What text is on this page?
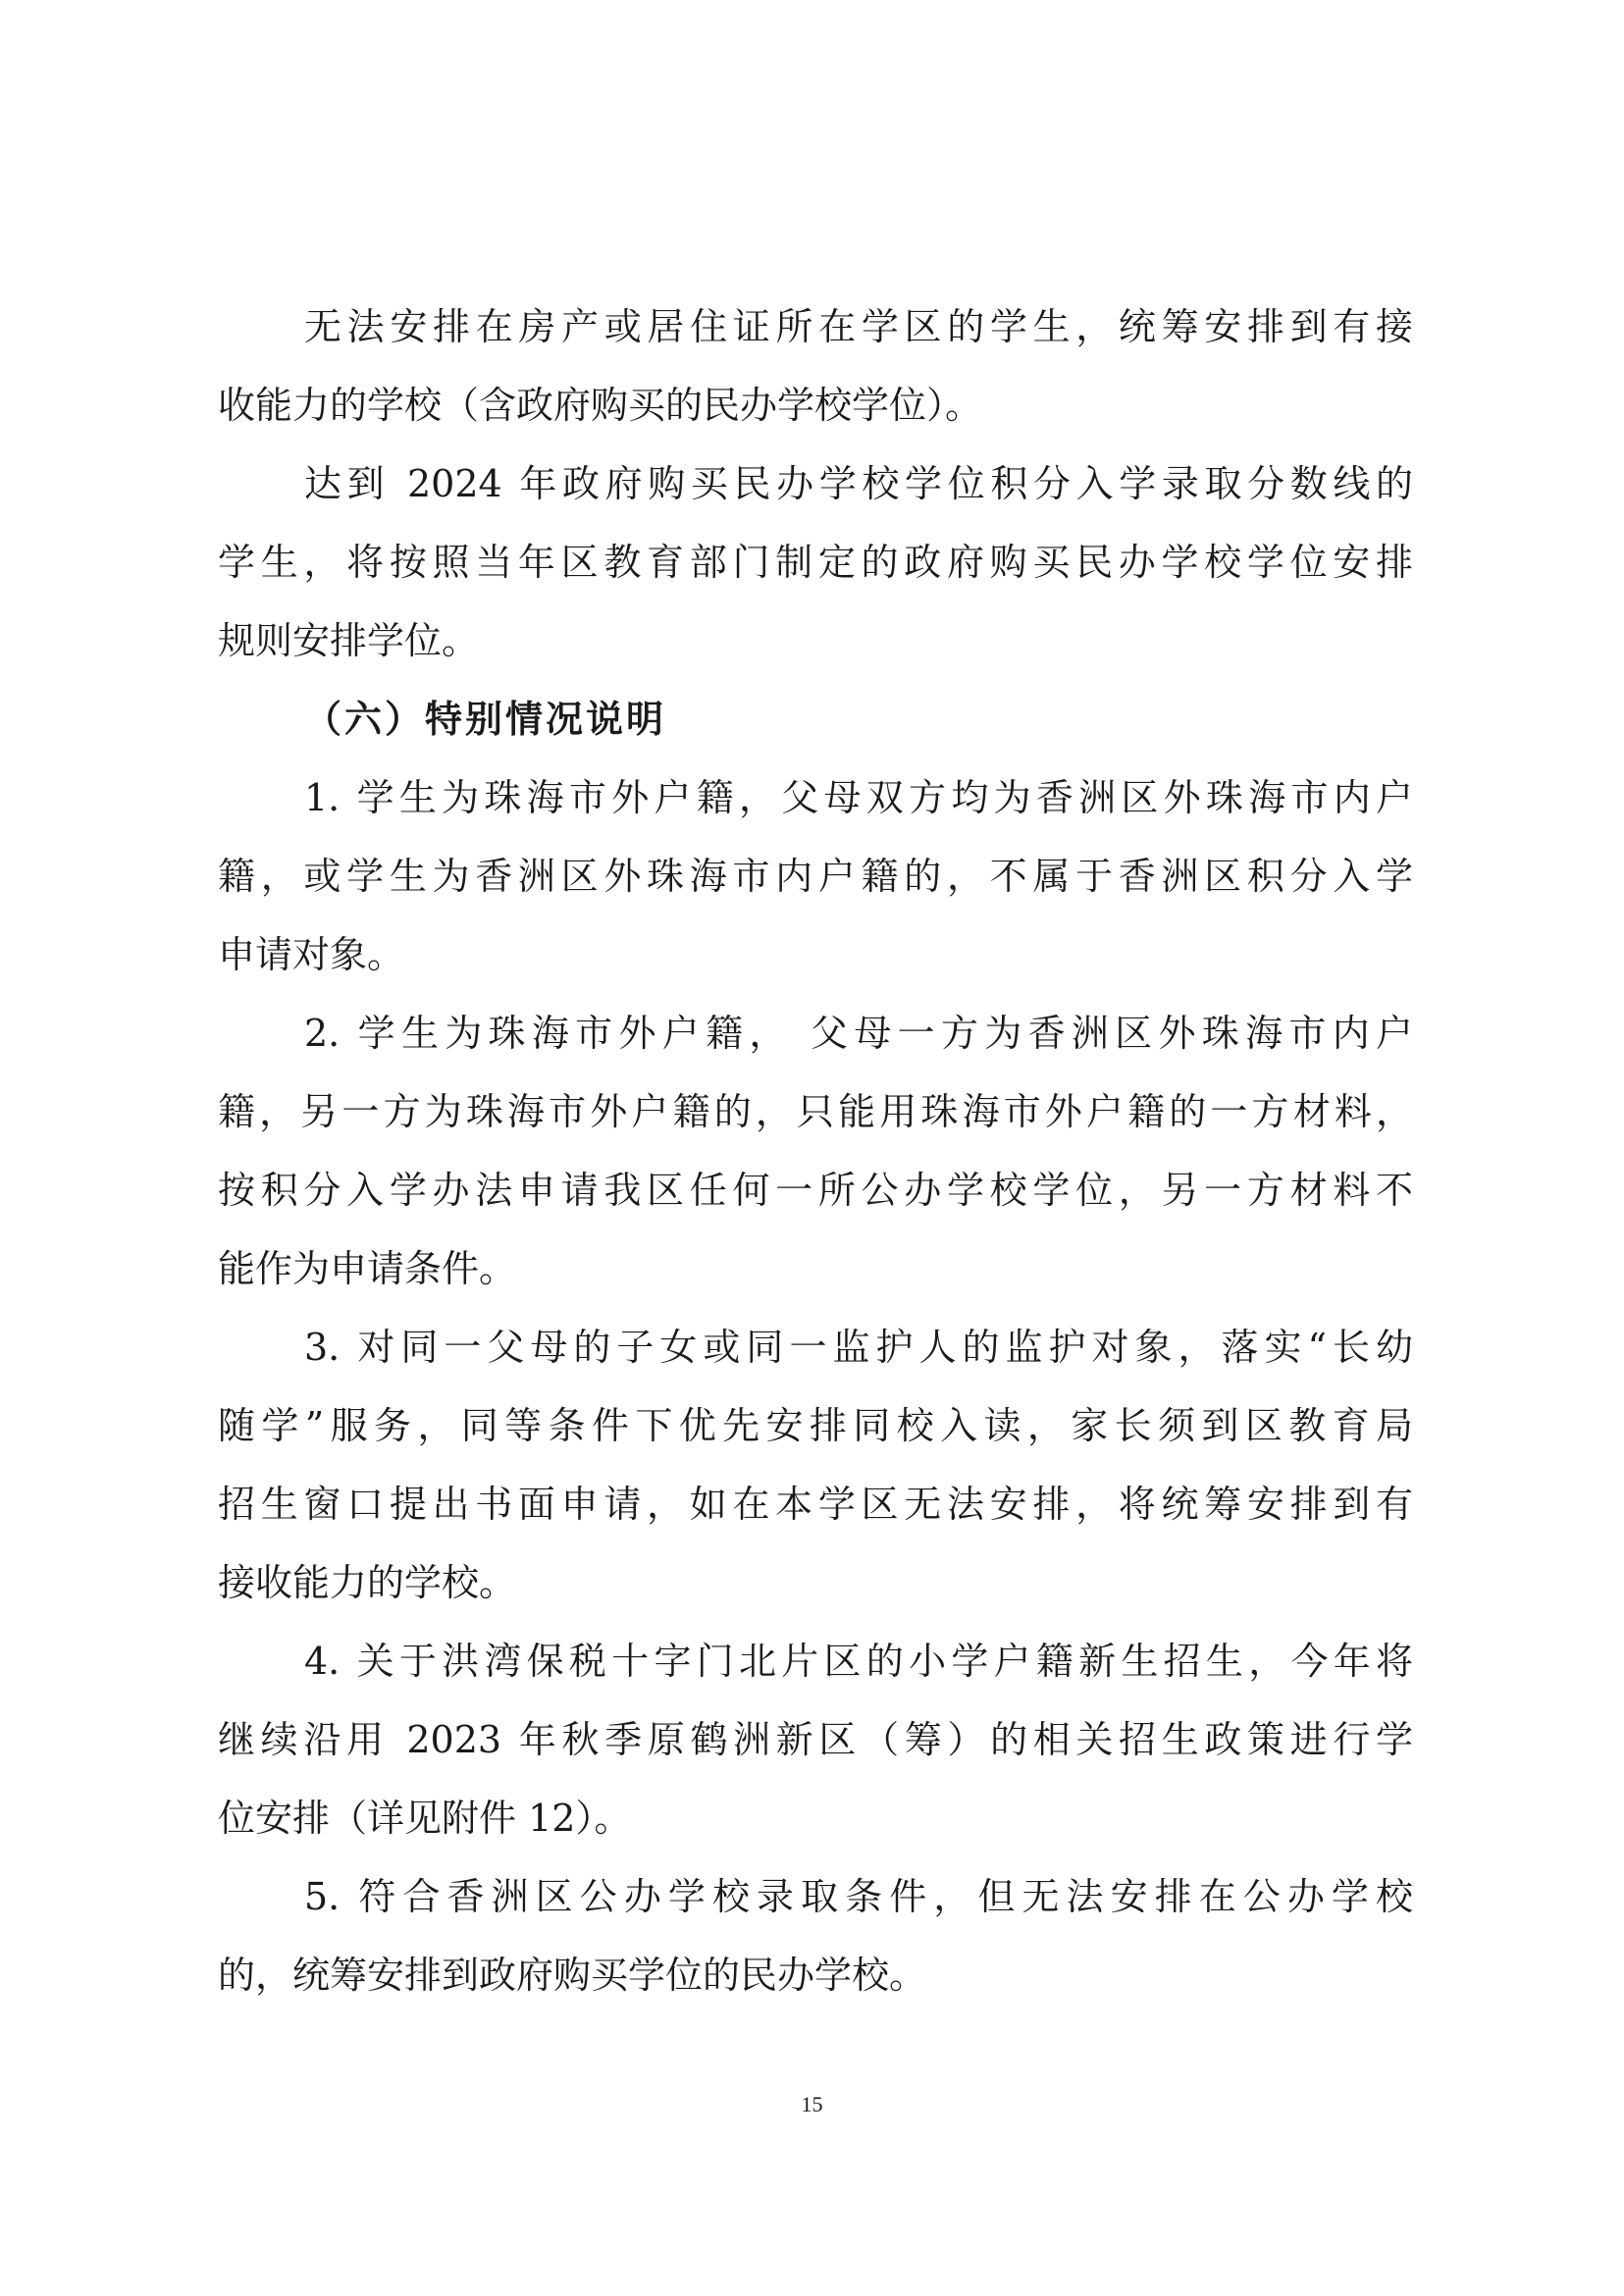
无法安排在房产或居住证所在学区的学生，统筹安排到有接
收能力的学校（含政府购买的民办学校学位）。
达到 2024 年政府购买民办学校学位积分入学录取分数线的
学生，将按照当年区教育部门制定的政府购买民办学校学位安排
规则安排学位。
（六）特别情况说明
1. 学生为珠海市外户籍，父母双方均为香洲区外珠海市内户
籍，或学生为香洲区外珠海市内户籍的，不属于香洲区积分入学
申请对象。
2. 学生为珠海市外户籍， 父母一方为香洲区外珠海市内户
籍，另一方为珠海市外户籍的，只能用珠海市外户籍的一方材料，
按积分入学办法申请我区任何一所公办学校学位，另一方材料不
能作为申请条件。
3. 对同一父母的子女或同一监护人的监护对象，落实“长幼
随学”服务，同等条件下优先安排同校入读，家长须到区教育局
招生窗口提出书面申请，如在本学区无法安排，将统筹安排到有
接收能力的学校。
4. 关于洪湾保税十字门北片区的小学户籍新生招生，今年将
继续沿用 2023 年秋季原鹤洲新区（筹）的相关招生政策进行学
位安排（详见附件 12）。
5. 符合香洲区公办学校录取条件，但无法安排在公办学校
的，统筹安排到政府购买学位的民办学校。
15
